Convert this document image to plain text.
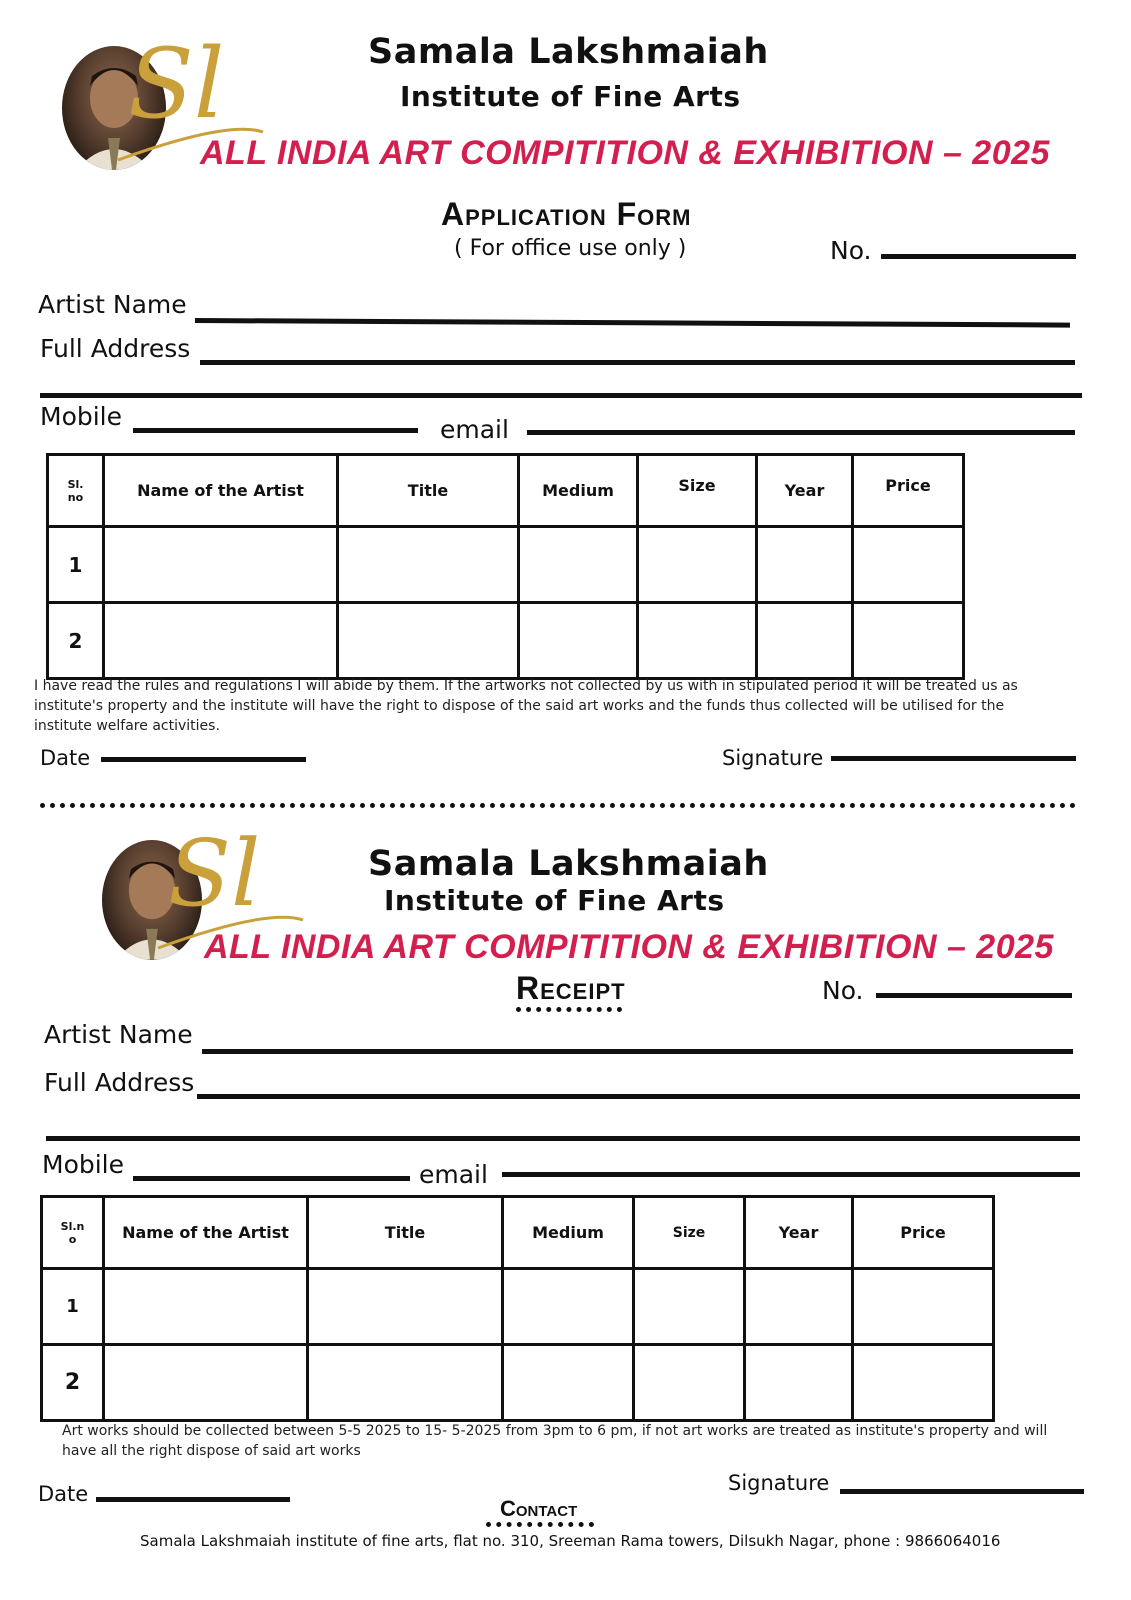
Sl	Samala Lakshmaiah
Institute of Fine Arts
ALL INDIA ART COMPITITION & EXHIBITION – 2025
Application Form
( For office use only )	No.
Artist Name
Full Address
Mobile	email
Sl. no	Name of the Artist	Title	Medium	Size	Year	Price
1						
2						
I have read the rules and regulations I will abide by them. If the artworks not collected by us with in stipulated period it will be treated us as institute's property and the institute will have the right to dispose of the said art works and the funds thus collected will be utilised for the institute welfare activities.
Date	Signature
Sl	Samala Lakshmaiah
Institute of Fine Arts
ALL INDIA ART COMPITITION & EXHIBITION – 2025
Receipt	No.
Artist Name
Full Address
Mobile	email
Sl.n o	Name of the Artist	Title	Medium	Size	Year	Price
1						
2						
Art works should be collected between 5-5 2025 to 15- 5-2025 from 3pm to 6 pm, if not art works are treated as institute's property and will have all the right dispose of said art works
Signature
Date
Contact
Samala Lakshmaiah institute of fine arts, flat no. 310, Sreeman Rama towers, Dilsukh Nagar, phone : 9866064016
